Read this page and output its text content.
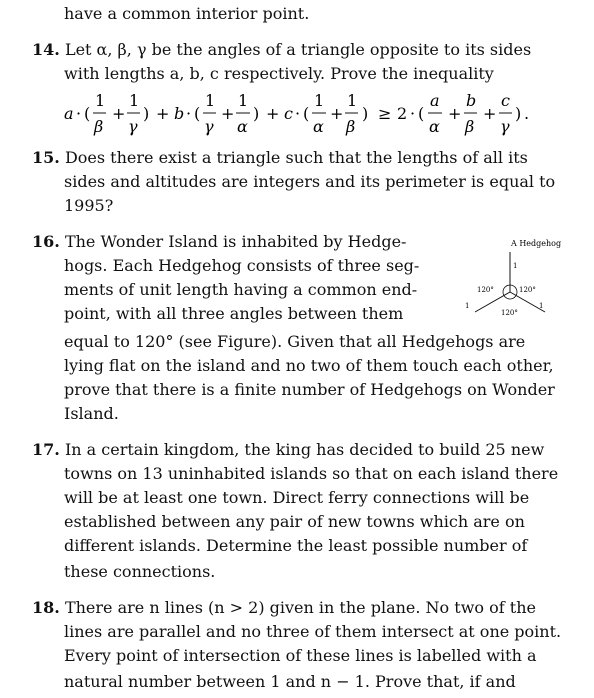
have a common interior point.
14. Let α, β, γ be the angles of a triangle opposite to its sides
with lengths a, b, c respectively. Prove the inequality
a · (
1
β
+
1
γ
) + b · (
1
γ
+
1
α
) + c · (
1
α
+
1
β
) ≥ 2 · (
a
α
+
b
β
+
c
γ
) .
15. Does there exist a triangle such that the lengths of all its
sides and altitudes are integers and its perimeter is equal to
1995?
16. The Wonder Island is inhabited by Hedge-
hogs. Each Hedgehog consists of three seg-
ments of unit length having a common end-
point, with all three angles between them
equal to 120° (see Figure). Given that all Hedgehogs are
lying flat on the island and no two of them touch each other,
prove that there is a finite number of Hedgehogs on Wonder
Island.
A Hedgehog
1
120°	120°
120°
1	1
17. In a certain kingdom, the king has decided to build 25 new
towns on 13 uninhabited islands so that on each island there
will be at least one town. Direct ferry connections will be
established between any pair of new towns which are on
different islands. Determine the least possible number of
these connections.
18. There are n lines (n > 2) given in the plane. No two of the
lines are parallel and no three of them intersect at one point.
Every point of intersection of these lines is labelled with a
natural number between 1 and n − 1. Prove that, if and
